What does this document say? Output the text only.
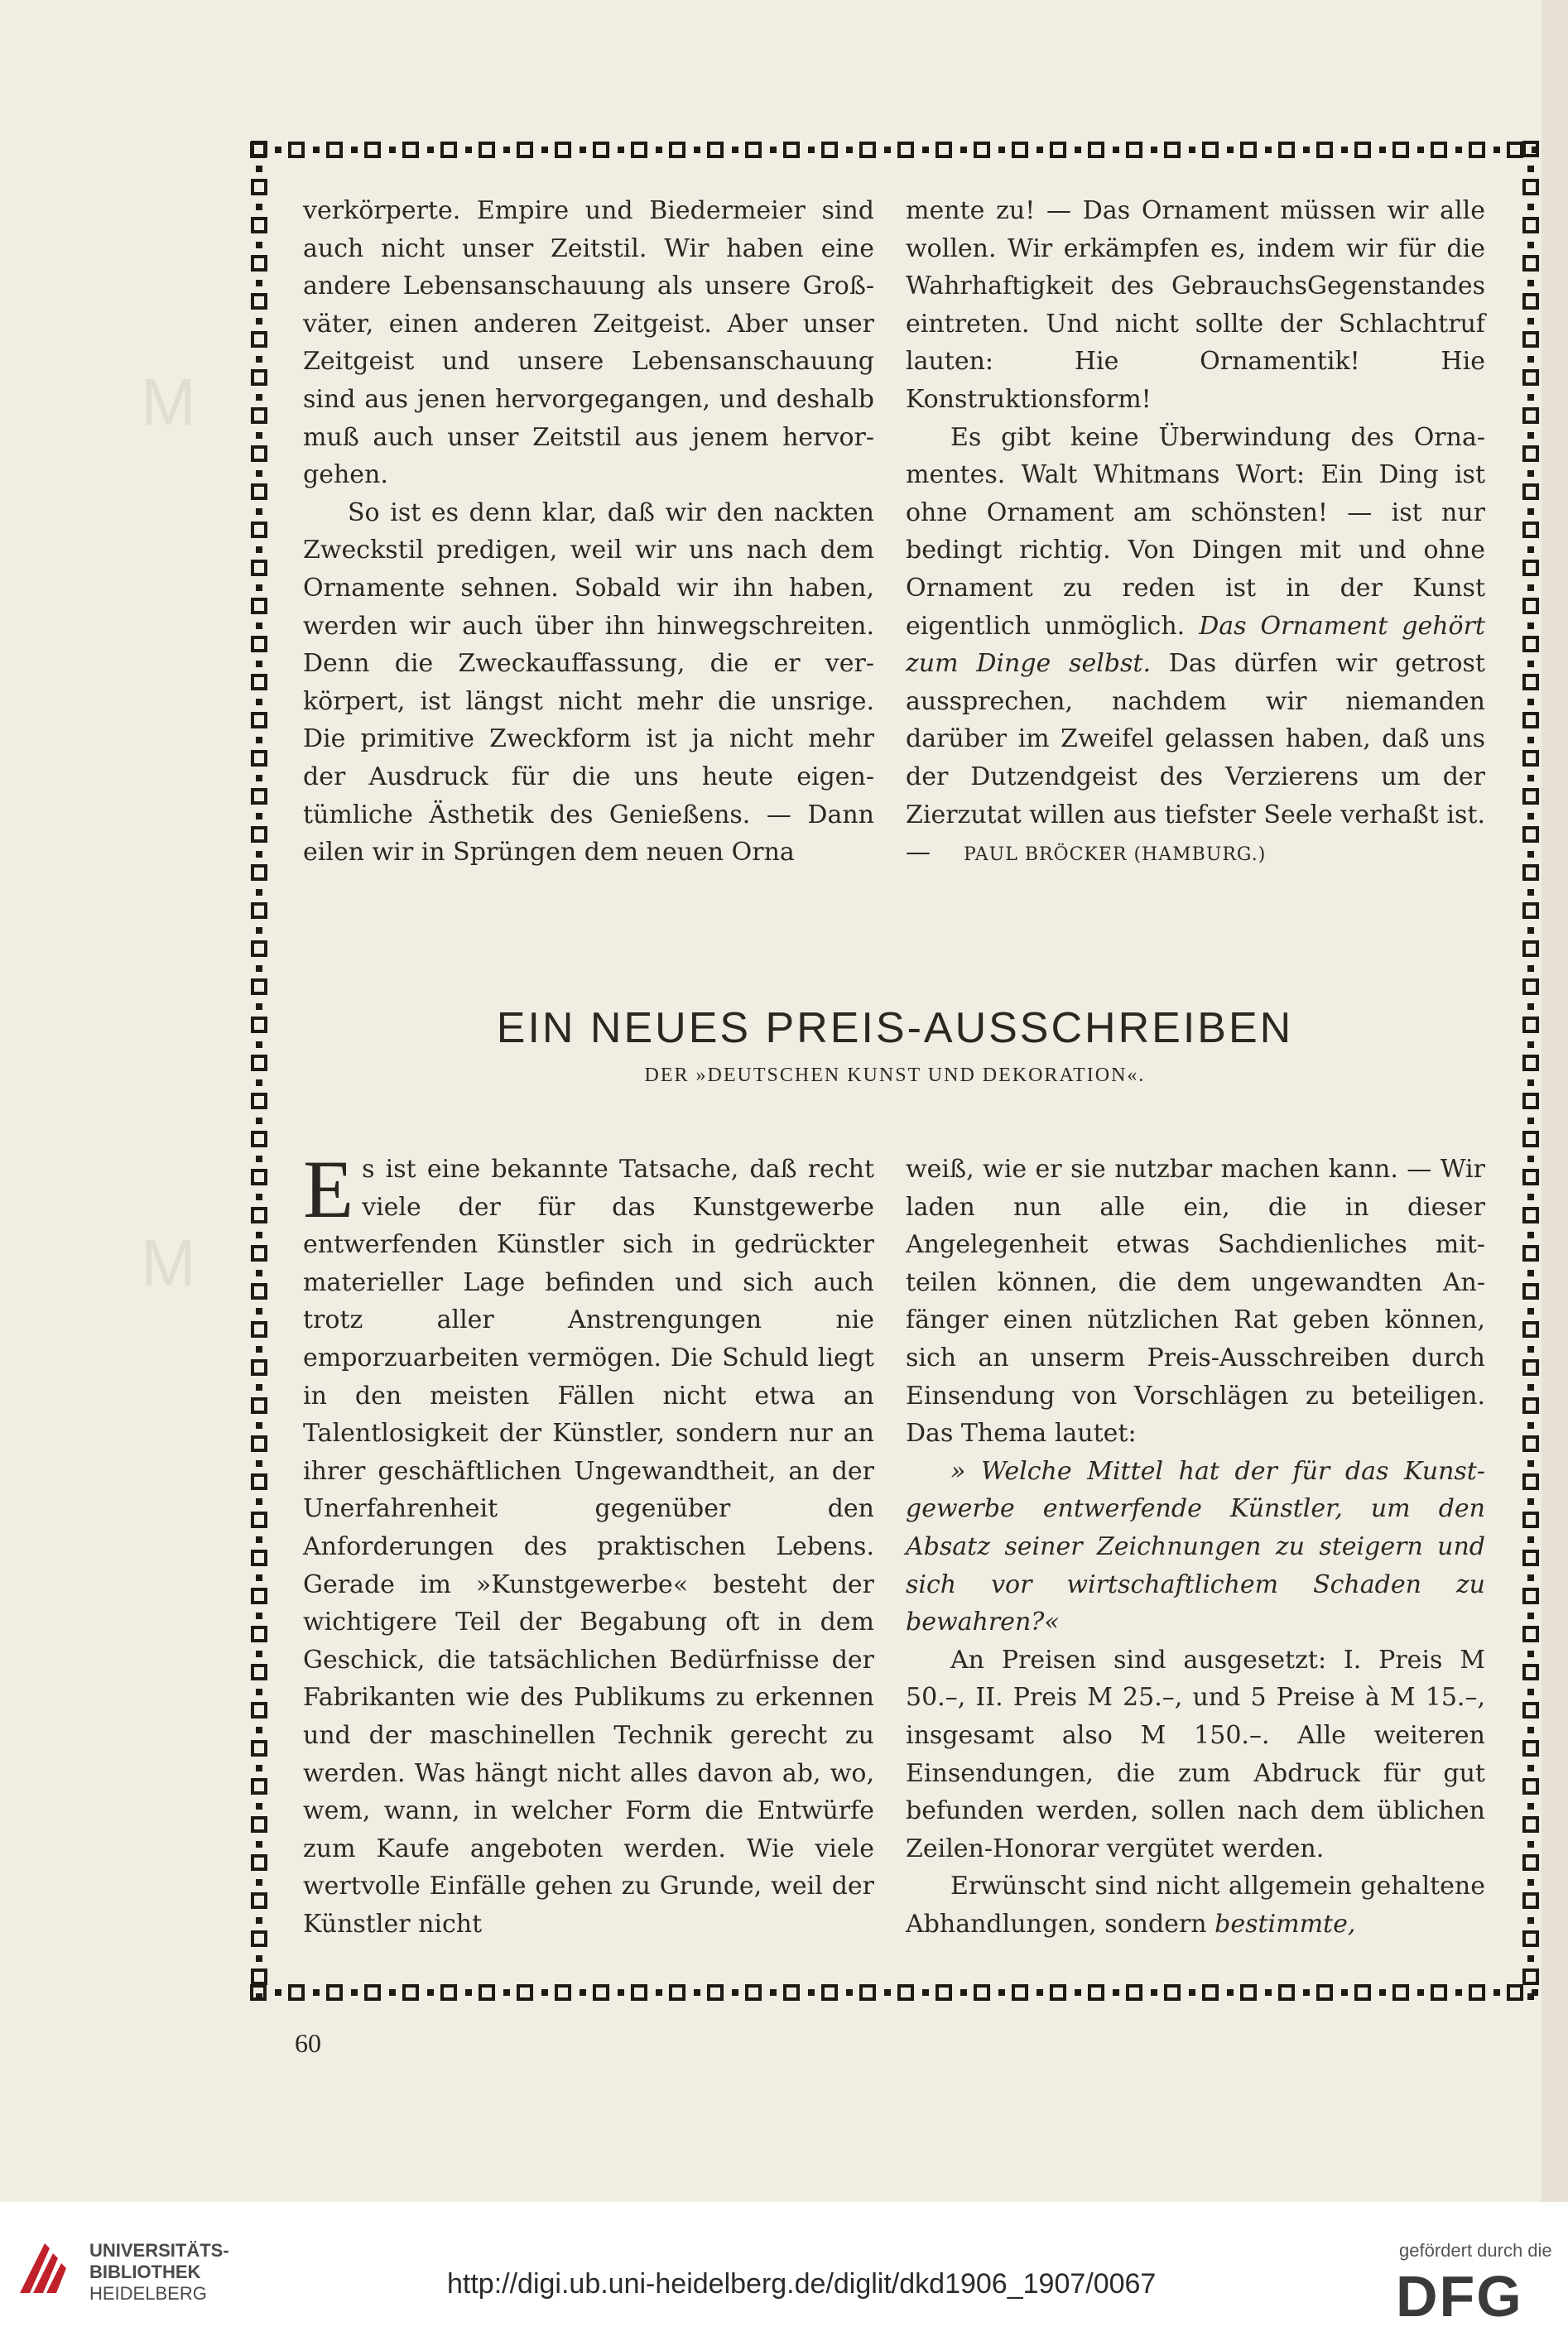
M
M

verkörperte. Empire und Biedermeier sind auch nicht unser Zeitstil. Wir haben eine andere Lebensanschauung als unsere Großväter, einen anderen Zeitgeist. Aber unser Zeitgeist und unsere Lebensanschauung sind aus jenen hervorgegangen, und deshalb muß auch unser Zeitstil aus jenem hervorgehen.

So ist es denn klar, daß wir den nackten Zweckstil predigen, weil wir uns nach dem Ornamente sehnen. Sobald wir ihn haben, werden wir auch über ihn hinwegschreiten. Denn die Zweckauffassung, die er verkörpert, ist längst nicht mehr die unsrige. Die primitive Zweckform ist ja nicht mehr der Ausdruck für die uns heute eigentümliche Ästhetik des Genießens. — Dann eilen wir in Sprüngen dem neuen Orna

mente zu! — Das Ornament müssen wir alle wollen. Wir erkämpfen es, indem wir für die Wahrhaftigkeit des GebrauchsGegenstandes eintreten. Und nicht sollte der Schlachtruf lauten: Hie Ornamentik! Hie Konstruktionsform!

Es gibt keine Überwindung des Ornamentes. Walt Whitmans Wort: Ein Ding ist ohne Ornament am schönsten! — ist nur bedingt richtig. Von Dingen mit und ohne Ornament zu reden ist in der Kunst eigentlich unmöglich. Das Ornament gehört zum Dinge selbst. Das dürfen wir getrost aussprechen, nachdem wir niemanden darüber im Zweifel gelassen haben, daß uns der Dutzendgeist des Verzierens um der Zierzutat willen aus tiefster Seele verhaßt ist. — PAUL BRÖCKER (HAMBURG.)

EIN NEUES PREIS-AUSSCHREIBEN
DER »DEUTSCHEN KUNST UND DEKORATION«.

Es ist eine bekannte Tatsache, daß recht viele der für das Kunstgewerbe entwerfenden Künstler sich in gedrückter materieller Lage befinden und sich auch trotz aller Anstrengungen nie emporzuarbeiten vermögen. Die Schuld liegt in den meisten Fällen nicht etwa an Talentlosigkeit der Künstler, sondern nur an ihrer geschäftlichen Ungewandtheit, an der Unerfahrenheit gegenüber den Anforderungen des praktischen Lebens. Gerade im »Kunstgewerbe« besteht der wichtigere Teil der Begabung oft in dem Geschick, die tatsächlichen Bedürfnisse der Fabrikanten wie des Publikums zu erkennen und der maschinellen Technik gerecht zu werden. Was hängt nicht alles davon ab, wo, wem, wann, in welcher Form die Entwürfe zum Kaufe angeboten werden. Wie viele wertvolle Einfälle gehen zu Grunde, weil der Künstler nicht

weiß, wie er sie nutzbar machen kann. — Wir laden nun alle ein, die in dieser Angelegenheit etwas Sachdienliches mitteilen können, die dem ungewandten Anfänger einen nützlichen Rat geben können, sich an unserm Preis-Ausschreiben durch Einsendung von Vorschlägen zu beteiligen. Das Thema lautet:

» Welche Mittel hat der für das Kunstgewerbe entwerfende Künstler, um den Absatz seiner Zeichnungen zu steigern und sich vor wirtschaftlichem Schaden zu bewahren?«

An Preisen sind ausgesetzt: I. Preis M 50.–, II. Preis M 25.–, und 5 Preise à M 15.–, insgesamt also M 150.–. Alle weiteren Einsendungen, die zum Abdruck für gut befunden werden, sollen nach dem üblichen Zeilen-Honorar vergütet werden.

Erwünscht sind nicht allgemein gehaltene Abhandlungen, sondern bestimmte,

60
UNIVERSITÄTS-
BIBLIOTHEK
HEIDELBERG	http://digi.ub.uni-heidelberg.de/diglit/dkd1906_1907/0067
gefördert durch die
DFG
